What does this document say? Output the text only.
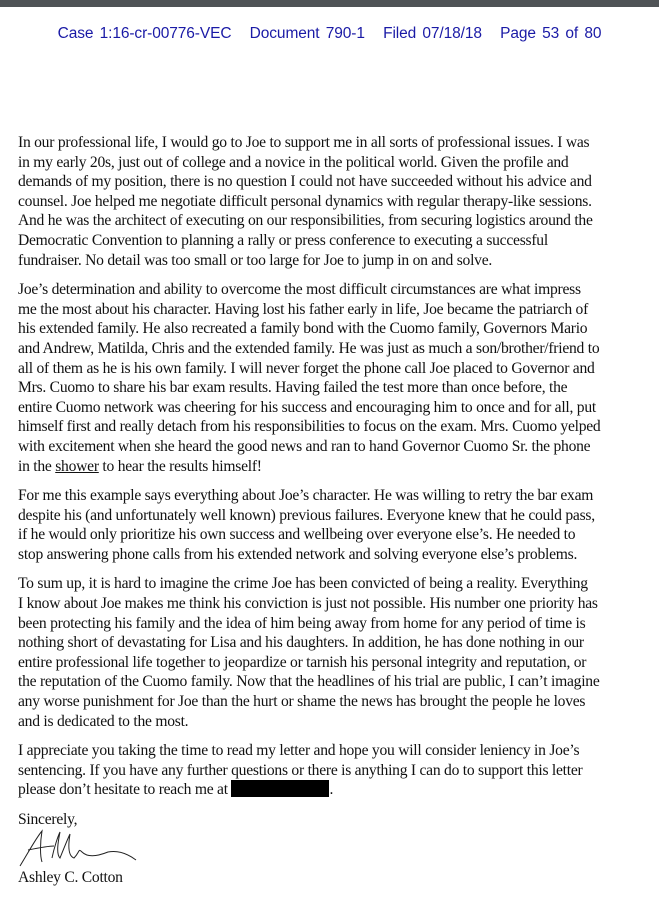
Case 1:16-cr-00776-VEC Document 790-1 Filed 07/18/18 Page 53 of 80

In our professional life, I would go to Joe to support me in all sorts of professional issues. I was
in my early 20s, just out of college and a novice in the political world. Given the profile and
demands of my position, there is no question I could not have succeeded without his advice and
counsel. Joe helped me negotiate difficult personal dynamics with regular therapy-like sessions.
And he was the architect of executing on our responsibilities, from securing logistics around the
Democratic Convention to planning a rally or press conference to executing a successful
fundraiser. No detail was too small or too large for Joe to jump in on and solve.

Joe’s determination and ability to overcome the most difficult circumstances are what impress
me the most about his character. Having lost his father early in life, Joe became the patriarch of
his extended family. He also recreated a family bond with the Cuomo family, Governors Mario
and Andrew, Matilda, Chris and the extended family. He was just as much a son/brother/friend to
all of them as he is his own family. I will never forget the phone call Joe placed to Governor and
Mrs. Cuomo to share his bar exam results. Having failed the test more than once before, the
entire Cuomo network was cheering for his success and encouraging him to once and for all, put
himself first and really detach from his responsibilities to focus on the exam. Mrs. Cuomo yelped
with excitement when she heard the good news and ran to hand Governor Cuomo Sr. the phone
in the shower to hear the results himself!

For me this example says everything about Joe’s character. He was willing to retry the bar exam
despite his (and unfortunately well known) previous failures. Everyone knew that he could pass,
if he would only prioritize his own success and wellbeing over everyone else’s. He needed to
stop answering phone calls from his extended network and solving everyone else’s problems.

To sum up, it is hard to imagine the crime Joe has been convicted of being a reality. Everything
I know about Joe makes me think his conviction is just not possible. His number one priority has
been protecting his family and the idea of him being away from home for any period of time is
nothing short of devastating for Lisa and his daughters. In addition, he has done nothing in our
entire professional life together to jeopardize or tarnish his personal integrity and reputation, or
the reputation of the Cuomo family. Now that the headlines of his trial are public, I can’t imagine
any worse punishment for Joe than the hurt or shame the news has brought the people he loves
and is dedicated to the most.

I appreciate you taking the time to read my letter and hope you will consider leniency in Joe’s
sentencing. If you have any further questions or there is anything I can do to support this letter
please don’t hesitate to reach me at	.

Sincerely,

Ashley C. Cotton
